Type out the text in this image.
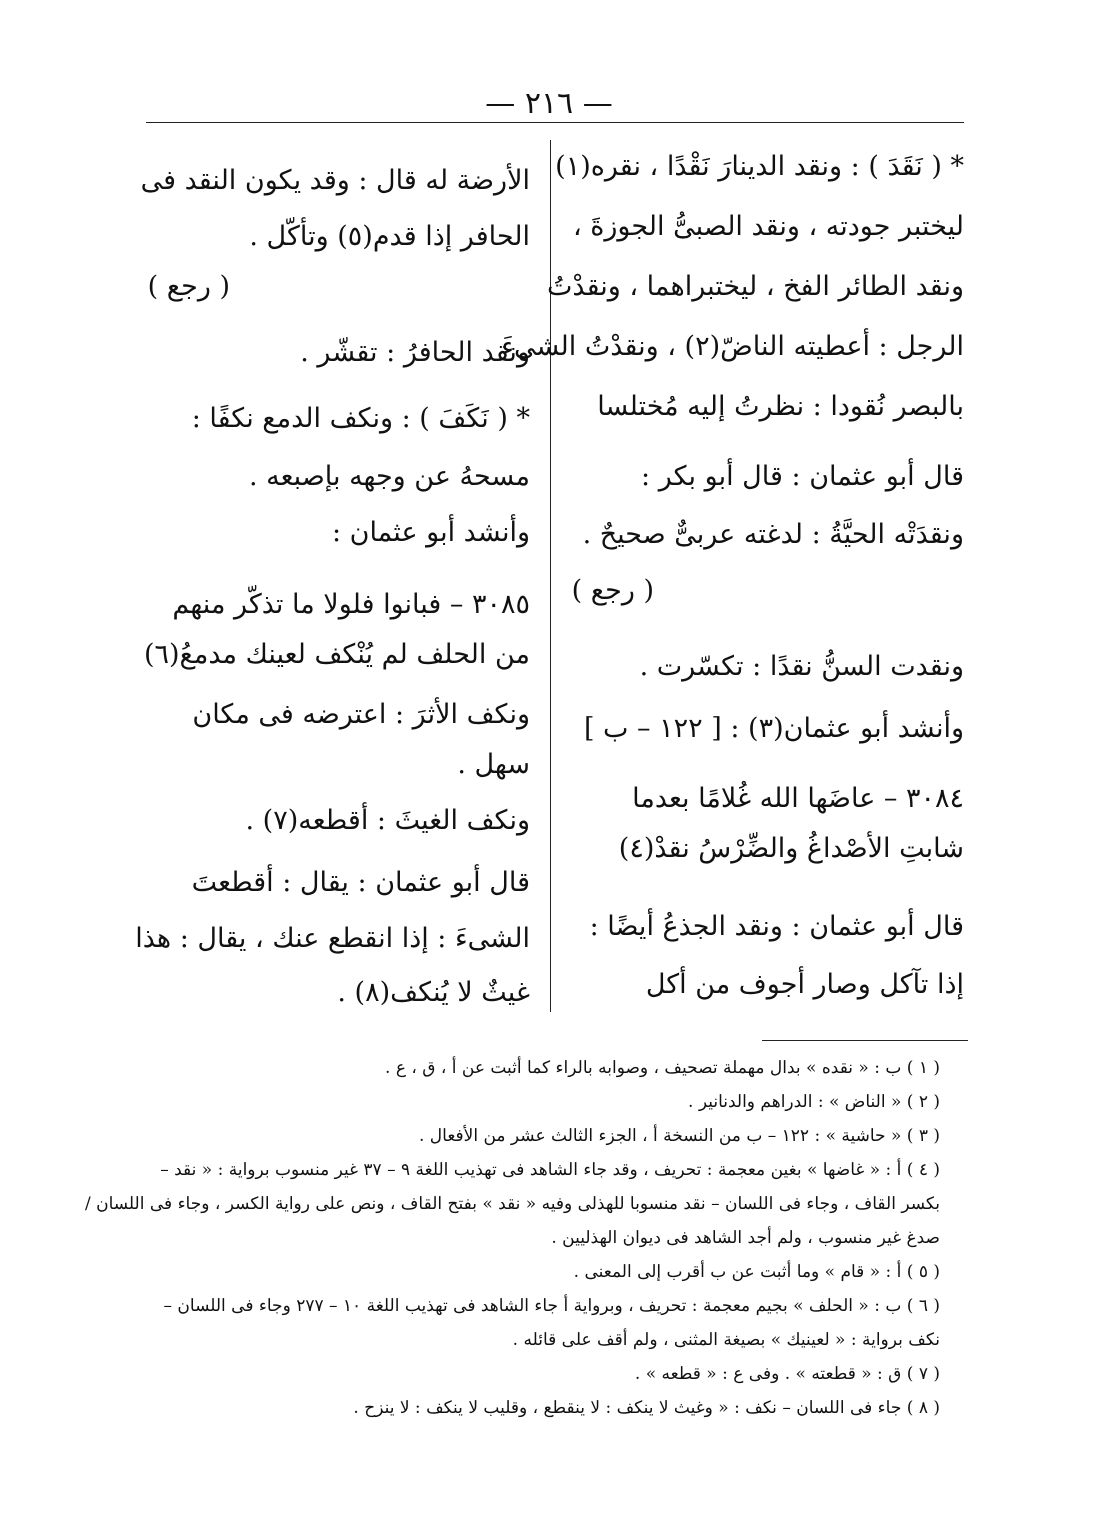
— ٢١٦ —
* ( نَقَدَ ) : ونقد الدينارَ نَقْدًا ، نقره(١)
ليختبر جودته ، ونقد الصبىُّ الجوزةَ ،
ونقد الطائر الفخ ، ليختبراهما ، ونقدْتُ
الرجل : أعطيته الناضّ(٢) ، ونقدْتُ الشىءَ
بالبصر نُقودا : نظرتُ إليه مُختلسا
قال أبو عثمان : قال أبو بكر :
ونقدَتْه الحيَّةُ : لدغته عربىٌّ صحيحٌ .
( رجع )
ونقدت السنُّ نقدًا : تكسّرت .
وأنشد أبو عثمان(٣) : [ ١٢٢ – ب ]
٣٠٨٤ – عاضَها الله غُلامًا بعدما
شابتِ الأصْداغُ والضِّرْسُ نقدْ(٤)
قال أبو عثمان : ونقد الجذعُ أيضًا :
إذا تآكل وصار أجوف من أكل
الأرضة له قال : وقد يكون النقد فى
الحافر إذا قدم(٥) وتأكّل .
( رجع )
ونقد الحافرُ : تقشّر .
* ( نَكَفَ ) : ونكف الدمع نكفًا :
مسحهُ عن وجهه بإصبعه .
وأنشد أبو عثمان :
٣٠٨٥ – فبانوا فلولا ما تذكّر منهم
من الحلف لم يُنْكف لعينك مدمعُ(٦)
ونكف الأثرَ : اعترضه فى مكان
سهل .
ونكف الغيثَ : أقطعه(٧) .
قال أبو عثمان : يقال : أقطعتَ
الشىءَ : إذا انقطع عنك ، يقال : هذا
غيثٌ لا يُنكف(٨) .
( ١ ) ب : « نقده » بدال مهملة تصحيف ، وصوابه بالراء كما أثبت عن أ ، ق ، ع .
( ٢ ) « الناض » : الدراهم والدنانير .
( ٣ ) « حاشية » : ١٢٢ – ب من النسخة أ ، الجزء الثالث عشر من الأفعال .
( ٤ ) أ : « غاضها » بغين معجمة : تحريف ، وقد جاء الشاهد فى تهذيب اللغة ٩ – ٣٧ غير منسوب برواية : « نقد –
بكسر القاف ، وجاء فى اللسان – نقد منسوبا للهذلى وفيه « نقد » بفتح القاف ، ونص على رواية الكسر ، وجاء فى اللسان /
صدغ غير منسوب ، ولم أجد الشاهد فى ديوان الهذليين .
( ٥ ) أ : « قام » وما أثبت عن ب أقرب إلى المعنى .
( ٦ ) ب : « الحلف » بجيم معجمة : تحريف ، وبرواية أ جاء الشاهد فى تهذيب اللغة ١٠ – ٢٧٧ وجاء فى اللسان –
نكف برواية : « لعينيك » بصيغة المثنى ، ولم أقف على قائله .
( ٧ ) ق : « قطعته » . وفى ع : « قطعه » .
( ٨ ) جاء فى اللسان – نكف : « وغيث لا ينكف : لا ينقطع ، وقليب لا ينكف : لا ينزح .
